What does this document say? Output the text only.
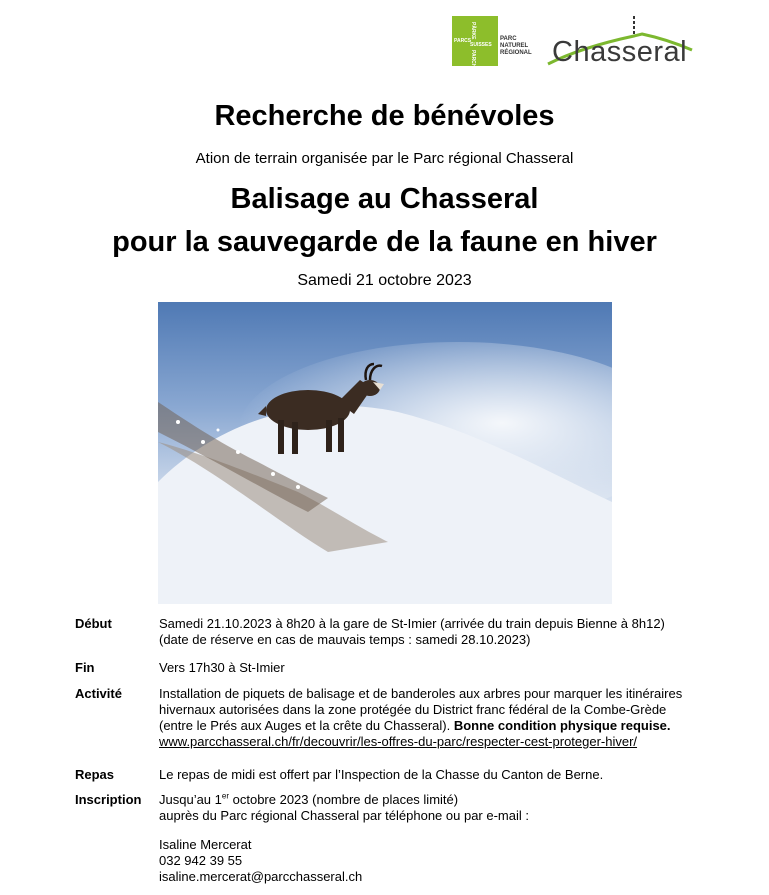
PARCS
SUISSES
PÄRKE
PARCHI
PARC NATUREL
RÉGIONAL Chasseral
Recherche de bénévoles
Ation de terrain organisée par le Parc régional Chasseral
Balisage au Chasseral
pour la sauvegarde de la faune en hiver
Samedi 21 octobre 2023
Début	Samedi 21.10.2023 à 8h20 à la gare de St-Imier (arrivée du train depuis Bienne à 8h12)
(date de réserve en cas de mauvais temps : samedi 28.10.2023)
Fin	Vers 17h30 à St-Imier
Activité	Installation de piquets de balisage et de banderoles aux arbres pour marquer les itinéraires
hivernaux autorisées dans la zone protégée du District franc fédéral de la Combe-Grède
(entre le Prés aux Auges et la crête du Chasseral). Bonne condition physique requise.
www.parcchasseral.ch/fr/decouvrir/les-offres-du-parc/respecter-cest-proteger-hiver/
Repas	Le repas de midi est offert par l’Inspection de la Chasse du Canton de Berne.
Inscription Jusqu’au 1er octobre 2023 (nombre de places limité)
auprès du Parc régional Chasseral par téléphone ou par e-mail :
Isaline Mercerat
032 942 39 55
isaline.mercerat@parcchasseral.ch
